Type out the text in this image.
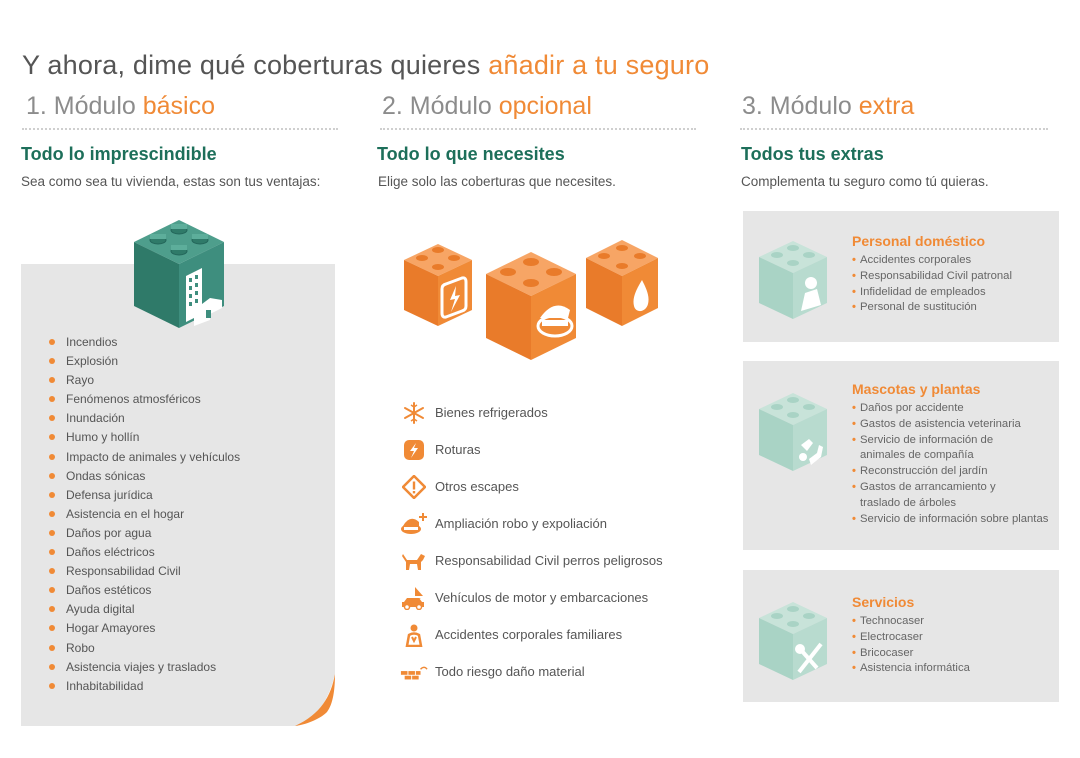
Y ahora, dime qué coberturas quieres añadir a tu seguro
1. Módulo básico
Todo lo imprescindible
Sea como sea tu vivienda, estas son tus ventajas:
2. Módulo opcional
Todo lo que necesites
Elige solo las coberturas que necesites.
3. Módulo extra
Todos tus extras
Complementa tu seguro como tú quieras.
Incendios
Explosión
Rayo
Fenómenos atmosféricos
Inundación
Humo y hollín
Impacto de animales y vehículos
Ondas sónicas
Defensa jurídica
Asistencia en el hogar
Daños por agua
Daños eléctricos
Responsabilidad Civil
Daños estéticos
Ayuda digital
Hogar Amayores
Robo
Asistencia viajes y traslados
Inhabitabilidad
Bienes refrigerados
Roturas
Otros escapes
Ampliación robo y expoliación
Responsabilidad Civil perros peligrosos
Vehículos de motor y embarcaciones
Accidentes corporales familiares
Todo riesgo daño material
Personal doméstico
• Accidentes corporales
• Responsabilidad Civil patronal
• Infidelidad de empleados
• Personal de sustitución
Mascotas y plantas
• Daños por accidente
• Gastos de asistencia veterinaria
• Servicio de información de
animales de compañía
• Reconstrucción del jardín
• Gastos de arrancamiento y
traslado de árboles
• Servicio de información sobre plantas
Servicios
• Technocaser
• Electrocaser
• Bricocaser
• Asistencia informática
